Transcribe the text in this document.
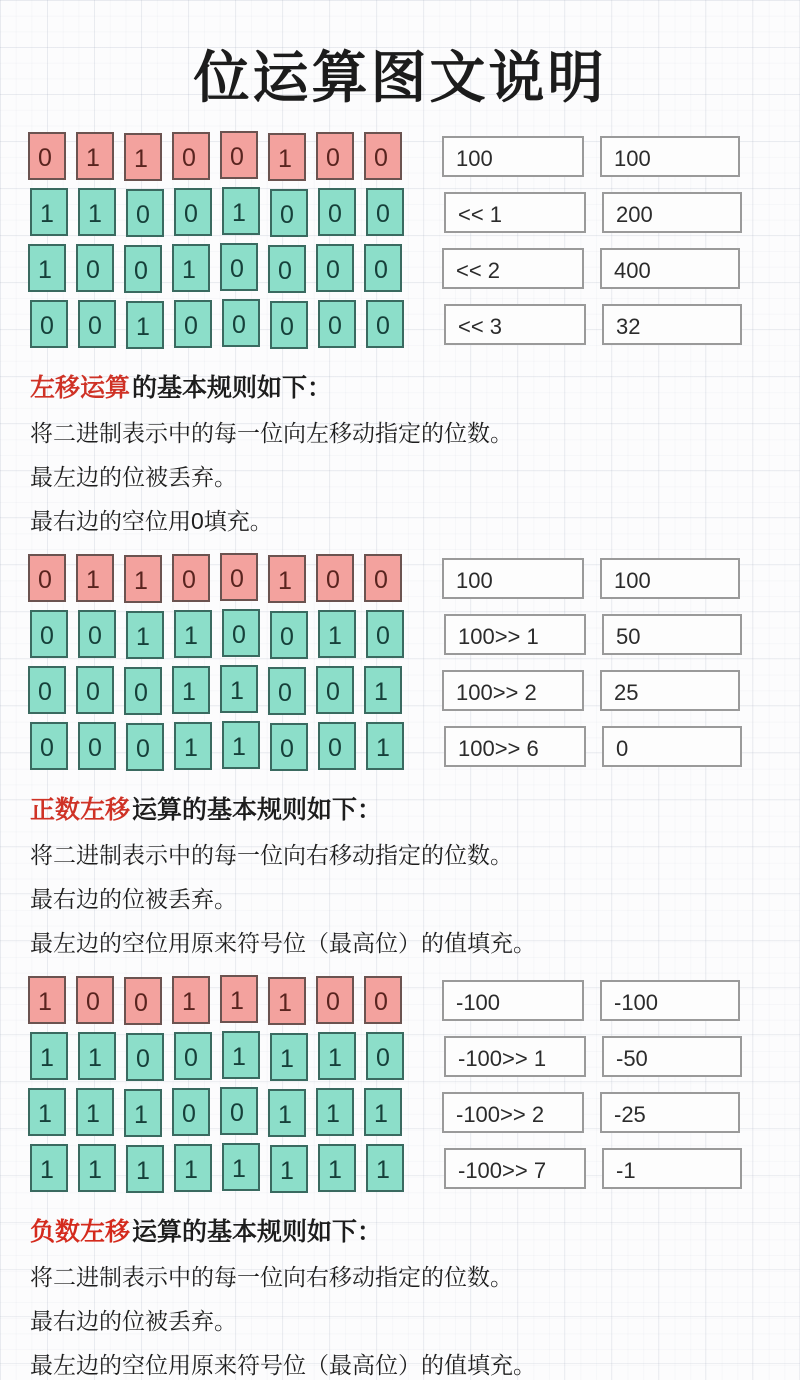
位运算图文说明
0	1	1	0	0	1	0	0	100	100
1	1	0	0	1	0	0	0	<< 1	200
1	0	0	1	0	0	0	0	<< 2	400
0	0	1	0	0	0	0	0	<< 3	32

左移运算的基本规则如下：

将二进制表示中的每一位向左移动指定的位数。

最左边的位被丢弃。

最右边的空位用0填充。

0	1	1	0	0	1	0	0	100	100
0	0	1	1	0	0	1	0	100>> 1	50
0	0	0	1	1	0	0	1	100>> 2	25
0	0	0	1	1	0	0	1	100>> 6	0

正数左移运算的基本规则如下：

将二进制表示中的每一位向右移动指定的位数。

最右边的位被丢弃。

最左边的空位用原来符号位（最高位）的值填充。

1	0	0	1	1	1	0	0	-100	-100
1	1	0	0	1	1	1	0	-100>> 1	-50
1	1	1	0	0	1	1	1	-100>> 2	-25
1	1	1	1	1	1	1	1	-100>> 7	-1

负数左移运算的基本规则如下：

将二进制表示中的每一位向右移动指定的位数。

最右边的位被丢弃。

最左边的空位用原来符号位（最高位）的值填充。
